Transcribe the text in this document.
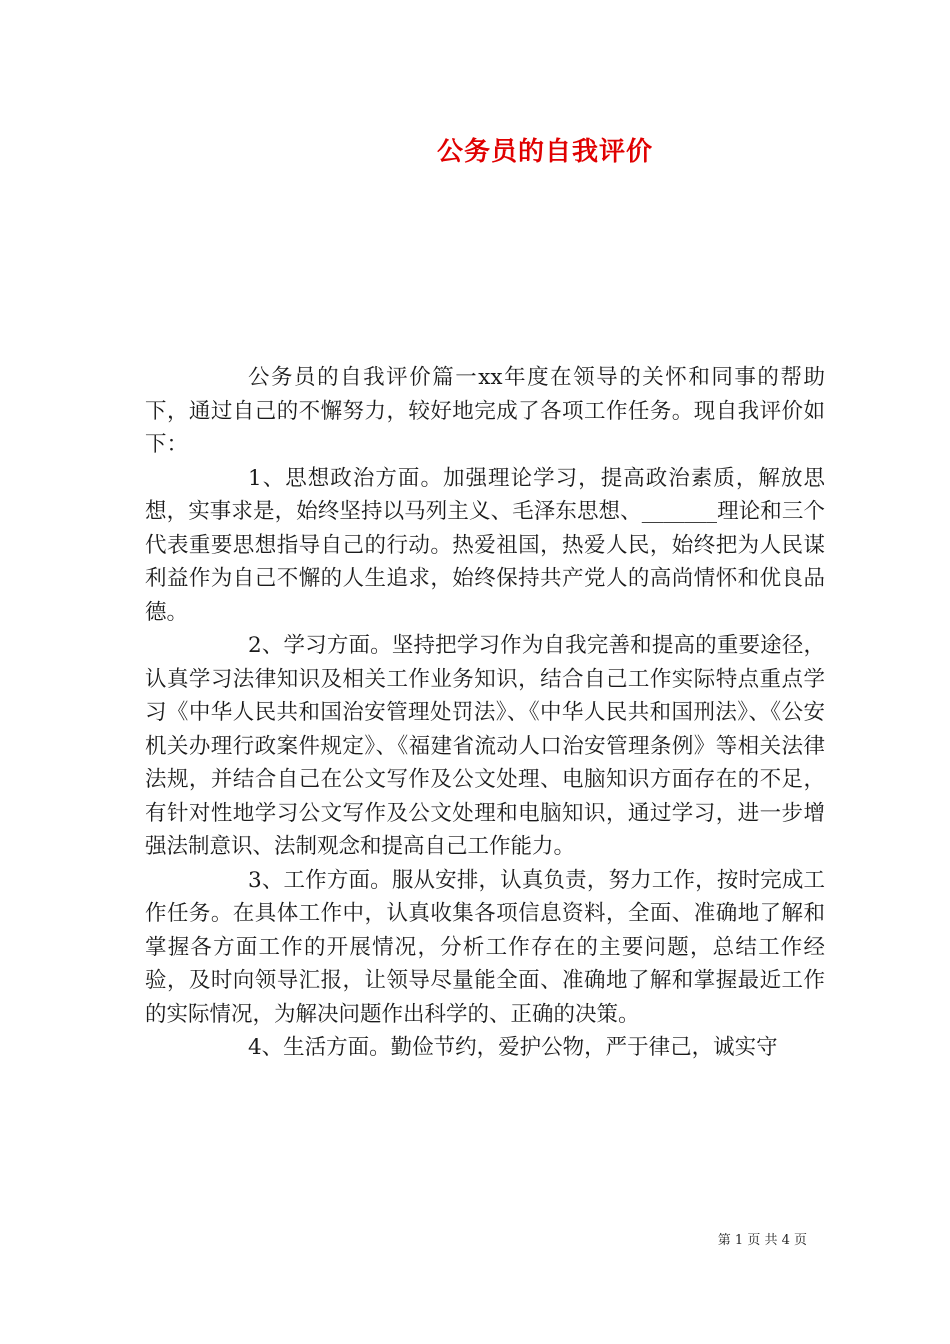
公务员的自我评价

公务员的自我评价篇一xx年度在领导的关怀和同事的帮助下，通过自己的不懈努力，较好地完成了各项工作任务。现自我评价如下：

1、思想政治方面。加强理论学习，提高政治素质，解放思想，实事求是，始终坚持以马列主义、毛泽东思想、_______理论和三个代表重要思想指导自己的行动。热爱祖国，热爱人民，始终把为人民谋利益作为自己不懈的人生追求，始终保持共产党人的高尚情怀和优良品德。

2、学习方面。坚持把学习作为自我完善和提高的重要途径，认真学习法律知识及相关工作业务知识，结合自己工作实际特点重点学习《中华人民共和国治安管理处罚法》、《中华人民共和国刑法》、《公安机关办理行政案件规定》、《福建省流动人口治安管理条例》等相关法律法规，并结合自己在公文写作及公文处理、电脑知识方面存在的不足，有针对性地学习公文写作及公文处理和电脑知识，通过学习，进一步增强法制意识、法制观念和提高自己工作能力。

3、工作方面。服从安排，认真负责，努力工作，按时完成工作任务。在具体工作中，认真收集各项信息资料，全面、准确地了解和掌握各方面工作的开展情况，分析工作存在的主要问题，总结工作经验，及时向领导汇报，让领导尽量能全面、准确地了解和掌握最近工作的实际情况，为解决问题作出科学的、正确的决策。

4、生活方面。勤俭节约，爱护公物，严于律己，诚实守

第 1 页 共 4 页
